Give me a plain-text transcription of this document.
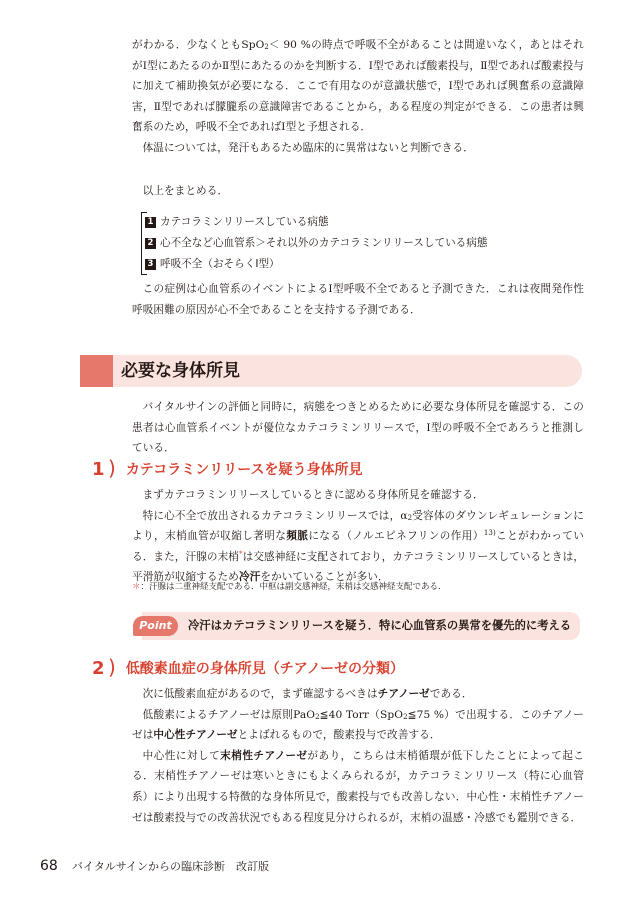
がわかる．少なくともSpO$_2$＜ 90 %の時点で呼吸不全があることは間違いなく，あとはそれがⅠ型にあたるのかⅡ型にあたるのかを判断する．Ⅰ型であれば酸素投与，Ⅱ型であれば酸素投与に加えて補助換気が必要になる．ここで有用なのが意識状態で，Ⅰ型であれば興奮系の意識障害，Ⅱ型であれば朦朧系の意識障害であることから，ある程度の判定ができる．この患者は興奮系のため，呼吸不全であればⅠ型と予想される．

体温については，発汗もあるため臨床的に異常はないと判断できる．

以上をまとめる．

1 カテコラミンリリースしている病態
2 心不全など心血管系＞それ以外のカテコラミンリリースしている病態
3 呼吸不全（おそらくⅠ型）

この症例は心血管系のイベントによるⅠ型呼吸不全であると予測できた．これは夜間発作性呼吸困難の原因が心不全であることを支持する予測である．

必要な身体所見

バイタルサインの評価と同時に，病態をつきとめるために必要な身体所見を確認する．この患者は心血管系イベントが優位なカテコラミンリリースで，Ⅰ型の呼吸不全であろうと推測している．

1 ) カテコラミンリリースを疑う身体所見

まずカテコラミンリリースしているときに認める身体所見を確認する．

特に心不全で放出されるカテコラミンリリースでは，$\alpha_2$受容体のダウンレギュレーションにより，末梢血管が収縮し著明な頻脈になる（ノルエピネフリンの作用）$^{13)}$ことがわかっている．また，汗腺の末梢*は交感神経に支配されており，カテコラミンリリースしているときは，平滑筋が収縮するため冷汗をかいていることが多い．

＊：汗腺は二重神経支配である．中枢は副交感神経，末梢は交感神経支配である．
Point	冷汗はカテコラミンリリースを疑う．特に心血管系の異常を優先的に考える
2 ) 低酸素血症の身体所見（チアノーゼの分類）

次に低酸素血症があるので，まず確認するべきはチアノーゼである．

低酸素によるチアノーゼは原則PaO$_2$≦40 Torr（SpO$_2$≦75 %）で出現する．このチアノーゼは中心性チアノーゼとよばれるもので，酸素投与で改善する．

中心性に対して末梢性チアノーゼがあり，こちらは末梢循環が低下したことによって起こる．末梢性チアノーゼは寒いときにもよくみられるが，カテコラミンリリース（特に心血管系）により出現する特徴的な身体所見で，酸素投与でも改善しない．中心性・末梢性チアノーゼは酸素投与での改善状況でもある程度見分けられるが，末梢の温感・冷感でも鑑別できる．

68 バイタルサインからの臨床診断　改訂版
